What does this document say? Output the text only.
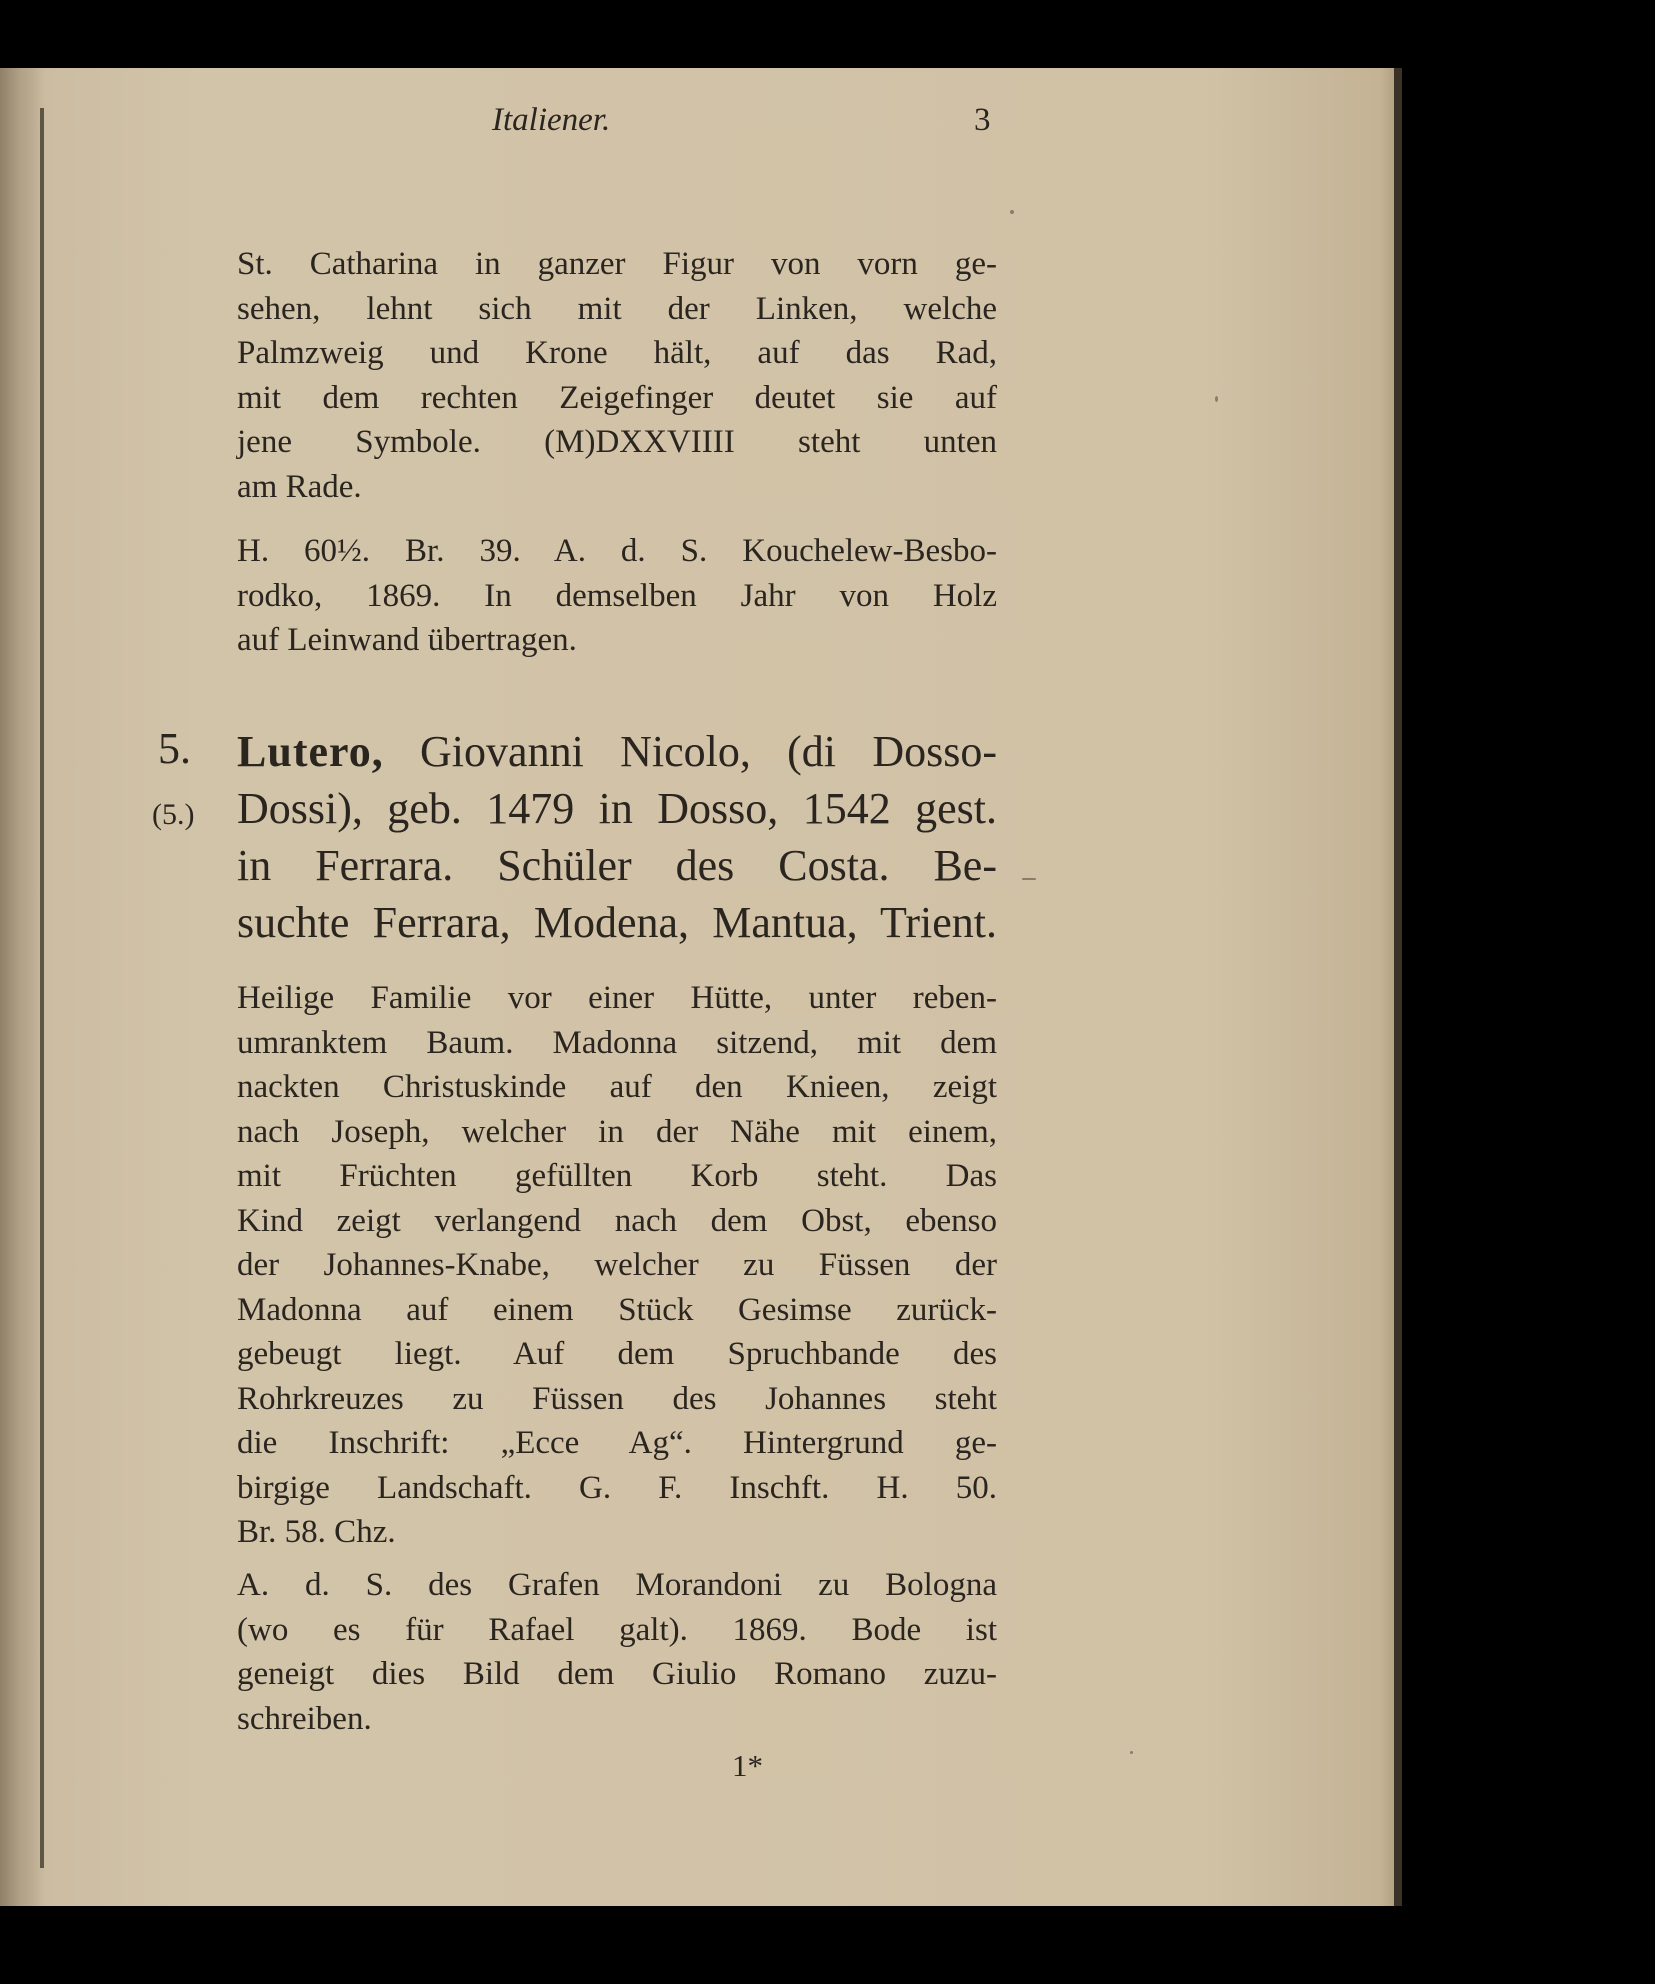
Italiener.	3
St. Catharina in ganzer Figur von vorn ge-
sehen, lehnt sich mit der Linken, welche
Palmzweig und Krone hält, auf das Rad,
mit dem rechten Zeigefinger deutet sie auf
jene Symbole. (M)DXXVIIII steht unten
am Rade.
H. 60½. Br. 39. A. d. S. Kouchelew-Besbo-
rodko, 1869. In demselben Jahr von Holz
auf Leinwand übertragen.
5.
(5.)
Lutero, Giovanni Nicolo, (di Dosso-
Dossi), geb. 1479 in Dosso, 1542 gest.
in Ferrara. Schüler des Costa. Be-
suchte Ferrara, Modena, Mantua, Trient.
Heilige Familie vor einer Hütte, unter reben-
umranktem Baum. Madonna sitzend, mit dem
nackten Christuskinde auf den Knieen, zeigt
nach Joseph, welcher in der Nähe mit einem,
mit Früchten gefüllten Korb steht. Das
Kind zeigt verlangend nach dem Obst, ebenso
der Johannes-Knabe, welcher zu Füssen der
Madonna auf einem Stück Gesimse zurück-
gebeugt liegt. Auf dem Spruchbande des
Rohrkreuzes zu Füssen des Johannes steht
die Inschrift: „Ecce Ag“. Hintergrund ge-
birgige Landschaft. G. F. Inschft. H. 50.
Br. 58. Chz.
A. d. S. des Grafen Morandoni zu Bologna
(wo es für Rafael galt). 1869. Bode ist
geneigt dies Bild dem Giulio Romano zuzu-
schreiben.
1*
